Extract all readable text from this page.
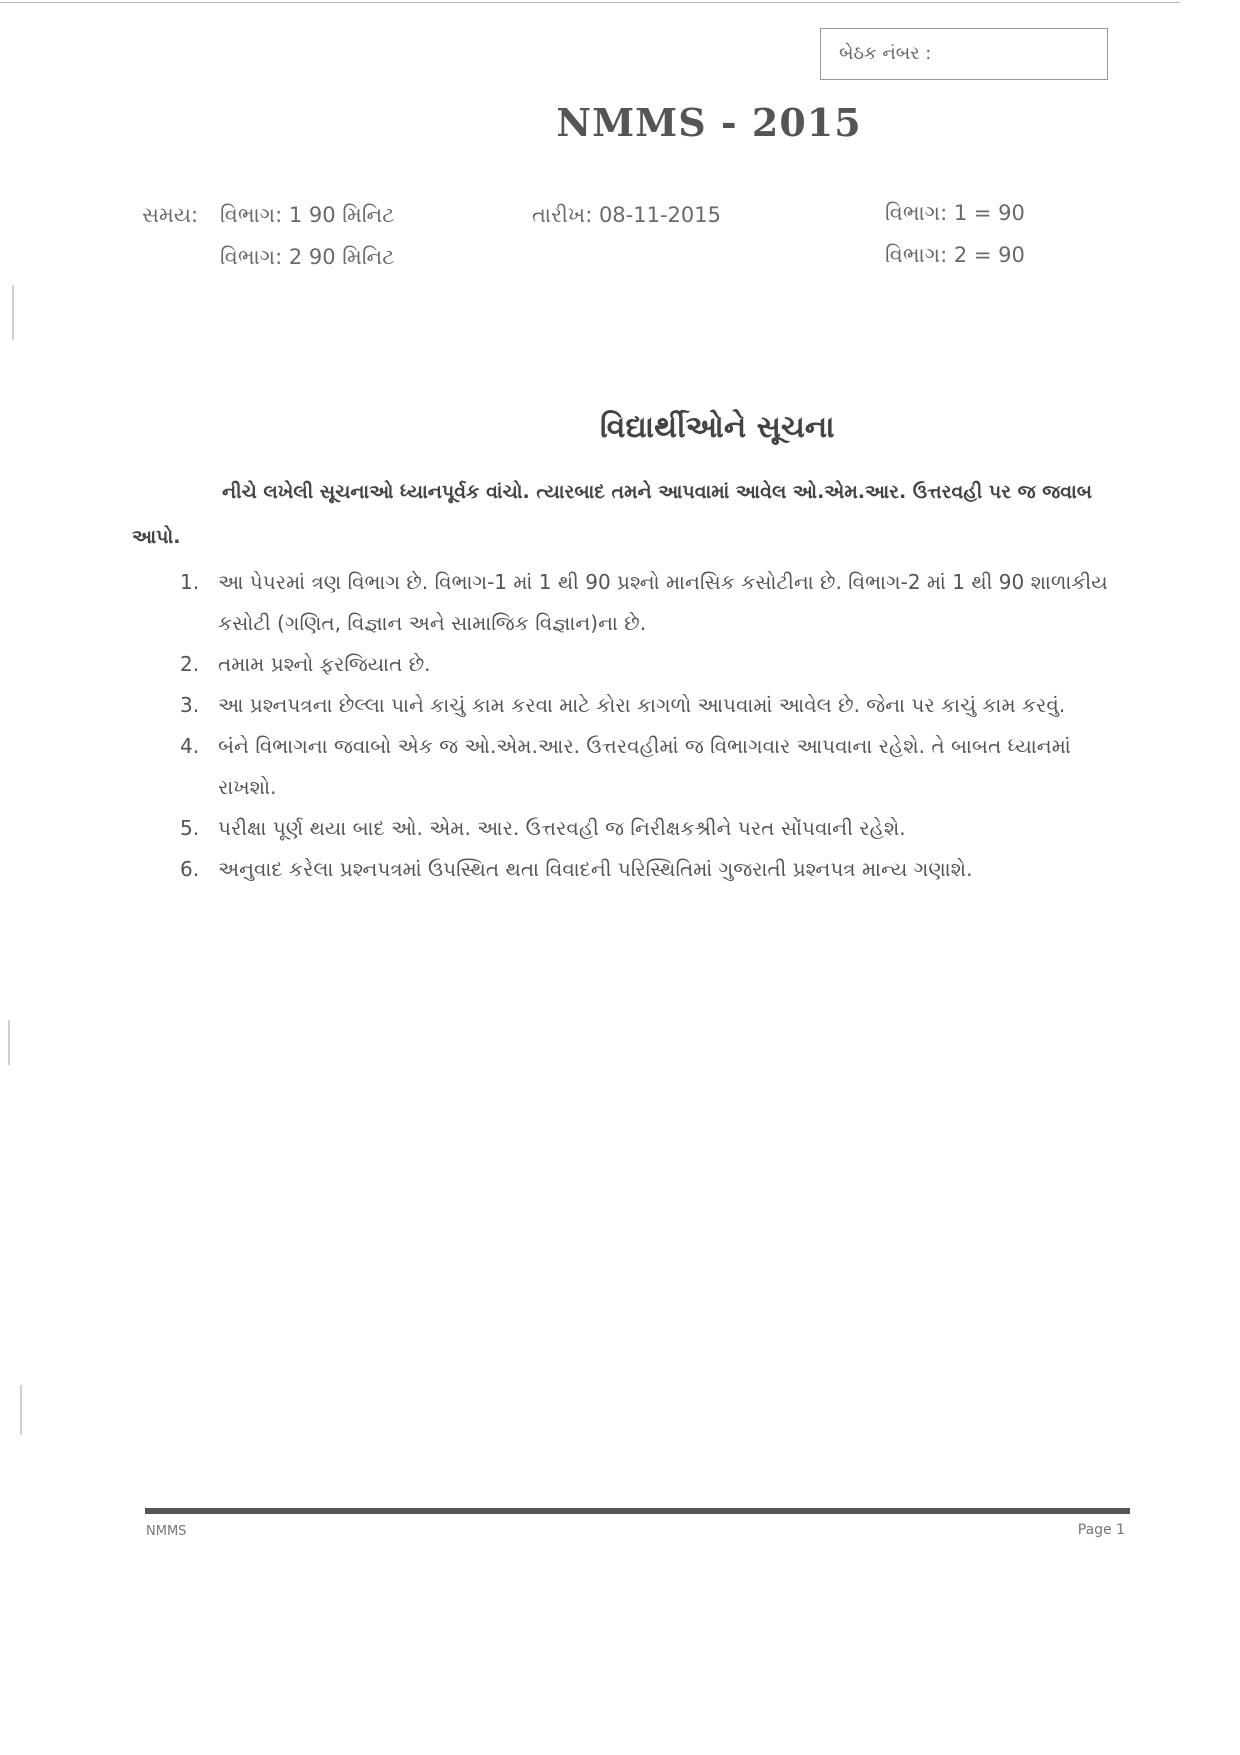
બેઠક નંબર :
NMMS - 2015
સમય: વિભાગ: 1 90 મિનિટ
વિભાગ: 2 90 મિનિટ
તારીખ: 08-11-2015	વિભાગ: 1 = 90
વિભાગ: 2 = 90
વિદ્યાર્થીઓને સૂચના
નીચે લખેલી સૂચનાઓ ધ્યાનપૂર્વક વાંચો. ત્યારબાદ તમને આપવામાં આવેલ ઓ.એમ.આર. ઉત્તરવહી પર જ જવાબ આપો.
1. આ પેપરમાં ત્રણ વિભાગ છે. વિભાગ-1 માં 1 થી 90 પ્રશ્નો માનસિક કસોટીના છે. વિભાગ-2 માં 1 થી 90 શાળાકીય કસોટી (ગણિત, વિજ્ઞાન અને સામાજિક વિજ્ઞાન)ના છે.
2. તમામ પ્રશ્નો ફરજિયાત છે.
3. આ પ્રશ્નપત્રના છેલ્લા પાને કાચું કામ કરવા માટે કોરા કાગળો આપવામાં આવેલ છે. જેના પર કાચું કામ કરવું.
4. બંને વિભાગના જવાબો એક જ ઓ.એમ.આર. ઉત્તરવહીમાં જ વિભાગવાર આપવાના રહેશે. તે બાબત ધ્યાનમાં રાખશો.
5. પરીક્ષા પૂર્ણ થયા બાદ ઓ. એમ. આર. ઉત્તરવહી જ નિરીક્ષકશ્રીને પરત સોંપવાની રહેશે.
6. અનુવાદ કરેલા પ્રશ્નપત્રમાં ઉપસ્થિત થતા વિવાદની પરિસ્થિતિમાં ગુજરાતી પ્રશ્નપત્ર માન્ય ગણાશે.
NMMS	Page 1
